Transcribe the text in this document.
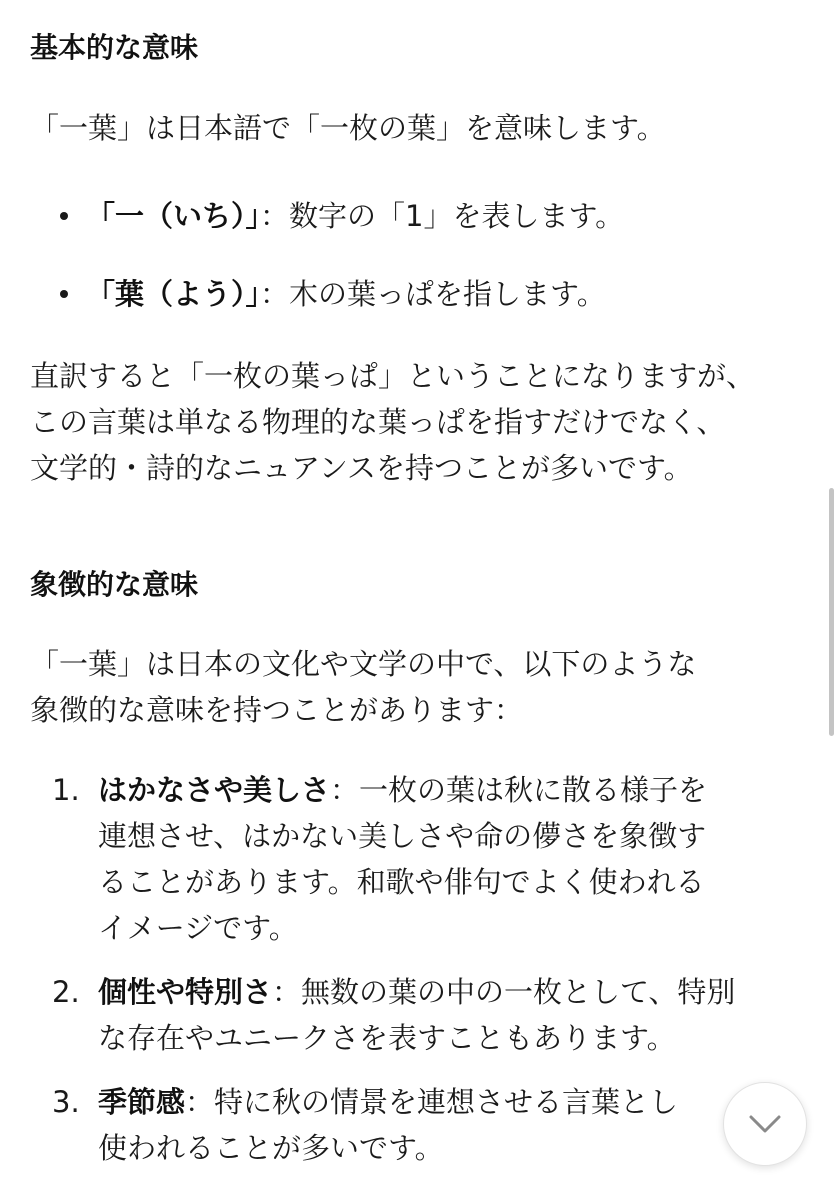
基本的な意味

「一葉」は日本語で「一枚の葉」を意味します。

「一（いち）」：数字の「1」を表します。
「葉（よう）」：木の葉っぱを指します。

直訳すると「一枚の葉っぱ」ということになりますが、
この言葉は単なる物理的な葉っぱを指すだけでなく、
文学的・詩的なニュアンスを持つことが多いです。

象徴的な意味

「一葉」は日本の文化や文学の中で、以下のような
象徴的な意味を持つことがあります：

1. はかなさや美しさ：一枚の葉は秋に散る様子を
連想させ、はかない美しさや命の儚さを象徴す
ることがあります。和歌や俳句でよく使われる
イメージです。
2. 個性や特別さ：無数の葉の中の一枚として、特別
な存在やユニークさを表すこともあります。
3. 季節感：特に秋の情景を連想させる言葉とし
使われることが多いです。
